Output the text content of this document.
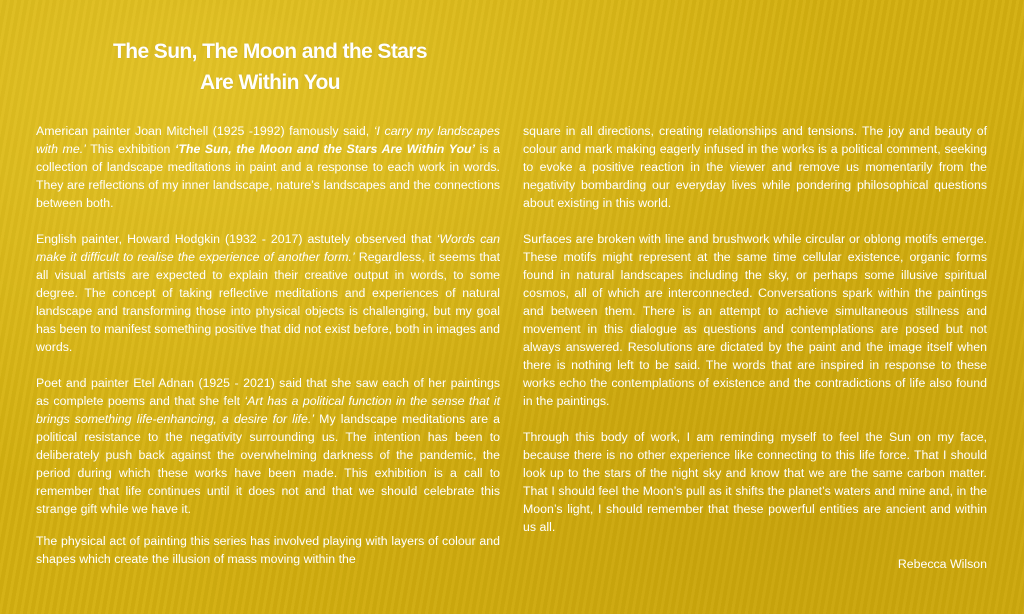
The Sun, The Moon and the Stars
Are Within You

American painter Joan Mitchell (1925 -1992) famously said, ‘I carry my landscapes with me.’ This exhibition ‘The Sun, the Moon and the Stars Are Within You’ is a collection of landscape meditations in paint and a response to each work in words. They are reflections of my inner landscape, nature’s landscapes and the connections between both.

English painter, Howard Hodgkin (1932 - 2017) astutely observed that ‘Words can make it difficult to realise the experience of another form.’ Regardless, it seems that all visual artists are expected to explain their creative output in words, to some degree. The concept of taking reflective meditations and experiences of natural landscape and transforming those into physical objects is challenging, but my goal has been to manifest something positive that did not exist before, both in images and words.

Poet and painter Etel Adnan (1925 - 2021) said that she saw each of her paintings as complete poems and that she felt ‘Art has a political function in the sense that it brings something life-enhancing, a desire for life.’ My landscape meditations are a political resistance to the negativity surrounding us. The intention has been to deliberately push back against the overwhelming darkness of the pandemic, the period during which these works have been made. This exhibition is a call to remember that life continues until it does not and that we should celebrate this strange gift while we have it.

The physical act of painting this series has involved playing with layers of colour and shapes which create the illusion of mass moving within the

square in all directions, creating relationships and tensions. The joy and beauty of colour and mark making eagerly infused in the works is a political comment, seeking to evoke a positive reaction in the viewer and remove us momentarily from the negativity bombarding our everyday lives while pondering philosophical questions about existing in this world.

Surfaces are broken with line and brushwork while circular or oblong motifs emerge. These motifs might represent at the same time cellular existence, organic forms found in natural landscapes including the sky, or perhaps some illusive spiritual cosmos, all of which are interconnected. Conversations spark within the paintings and between them. There is an attempt to achieve simultaneous stillness and movement in this dialogue as questions and contemplations are posed but not always answered. Resolutions are dictated by the paint and the image itself when there is nothing left to be said. The words that are inspired in response to these works echo the contemplations of existence and the contradictions of life also found in the paintings.

Through this body of work, I am reminding myself to feel the Sun on my face, because there is no other experience like connecting to this life force. That I should look up to the stars of the night sky and know that we are the same carbon matter. That I should feel the Moon’s pull as it shifts the planet’s waters and mine and, in the Moon’s light, I should remember that these powerful entities are ancient and within us all.

Rebecca Wilson
